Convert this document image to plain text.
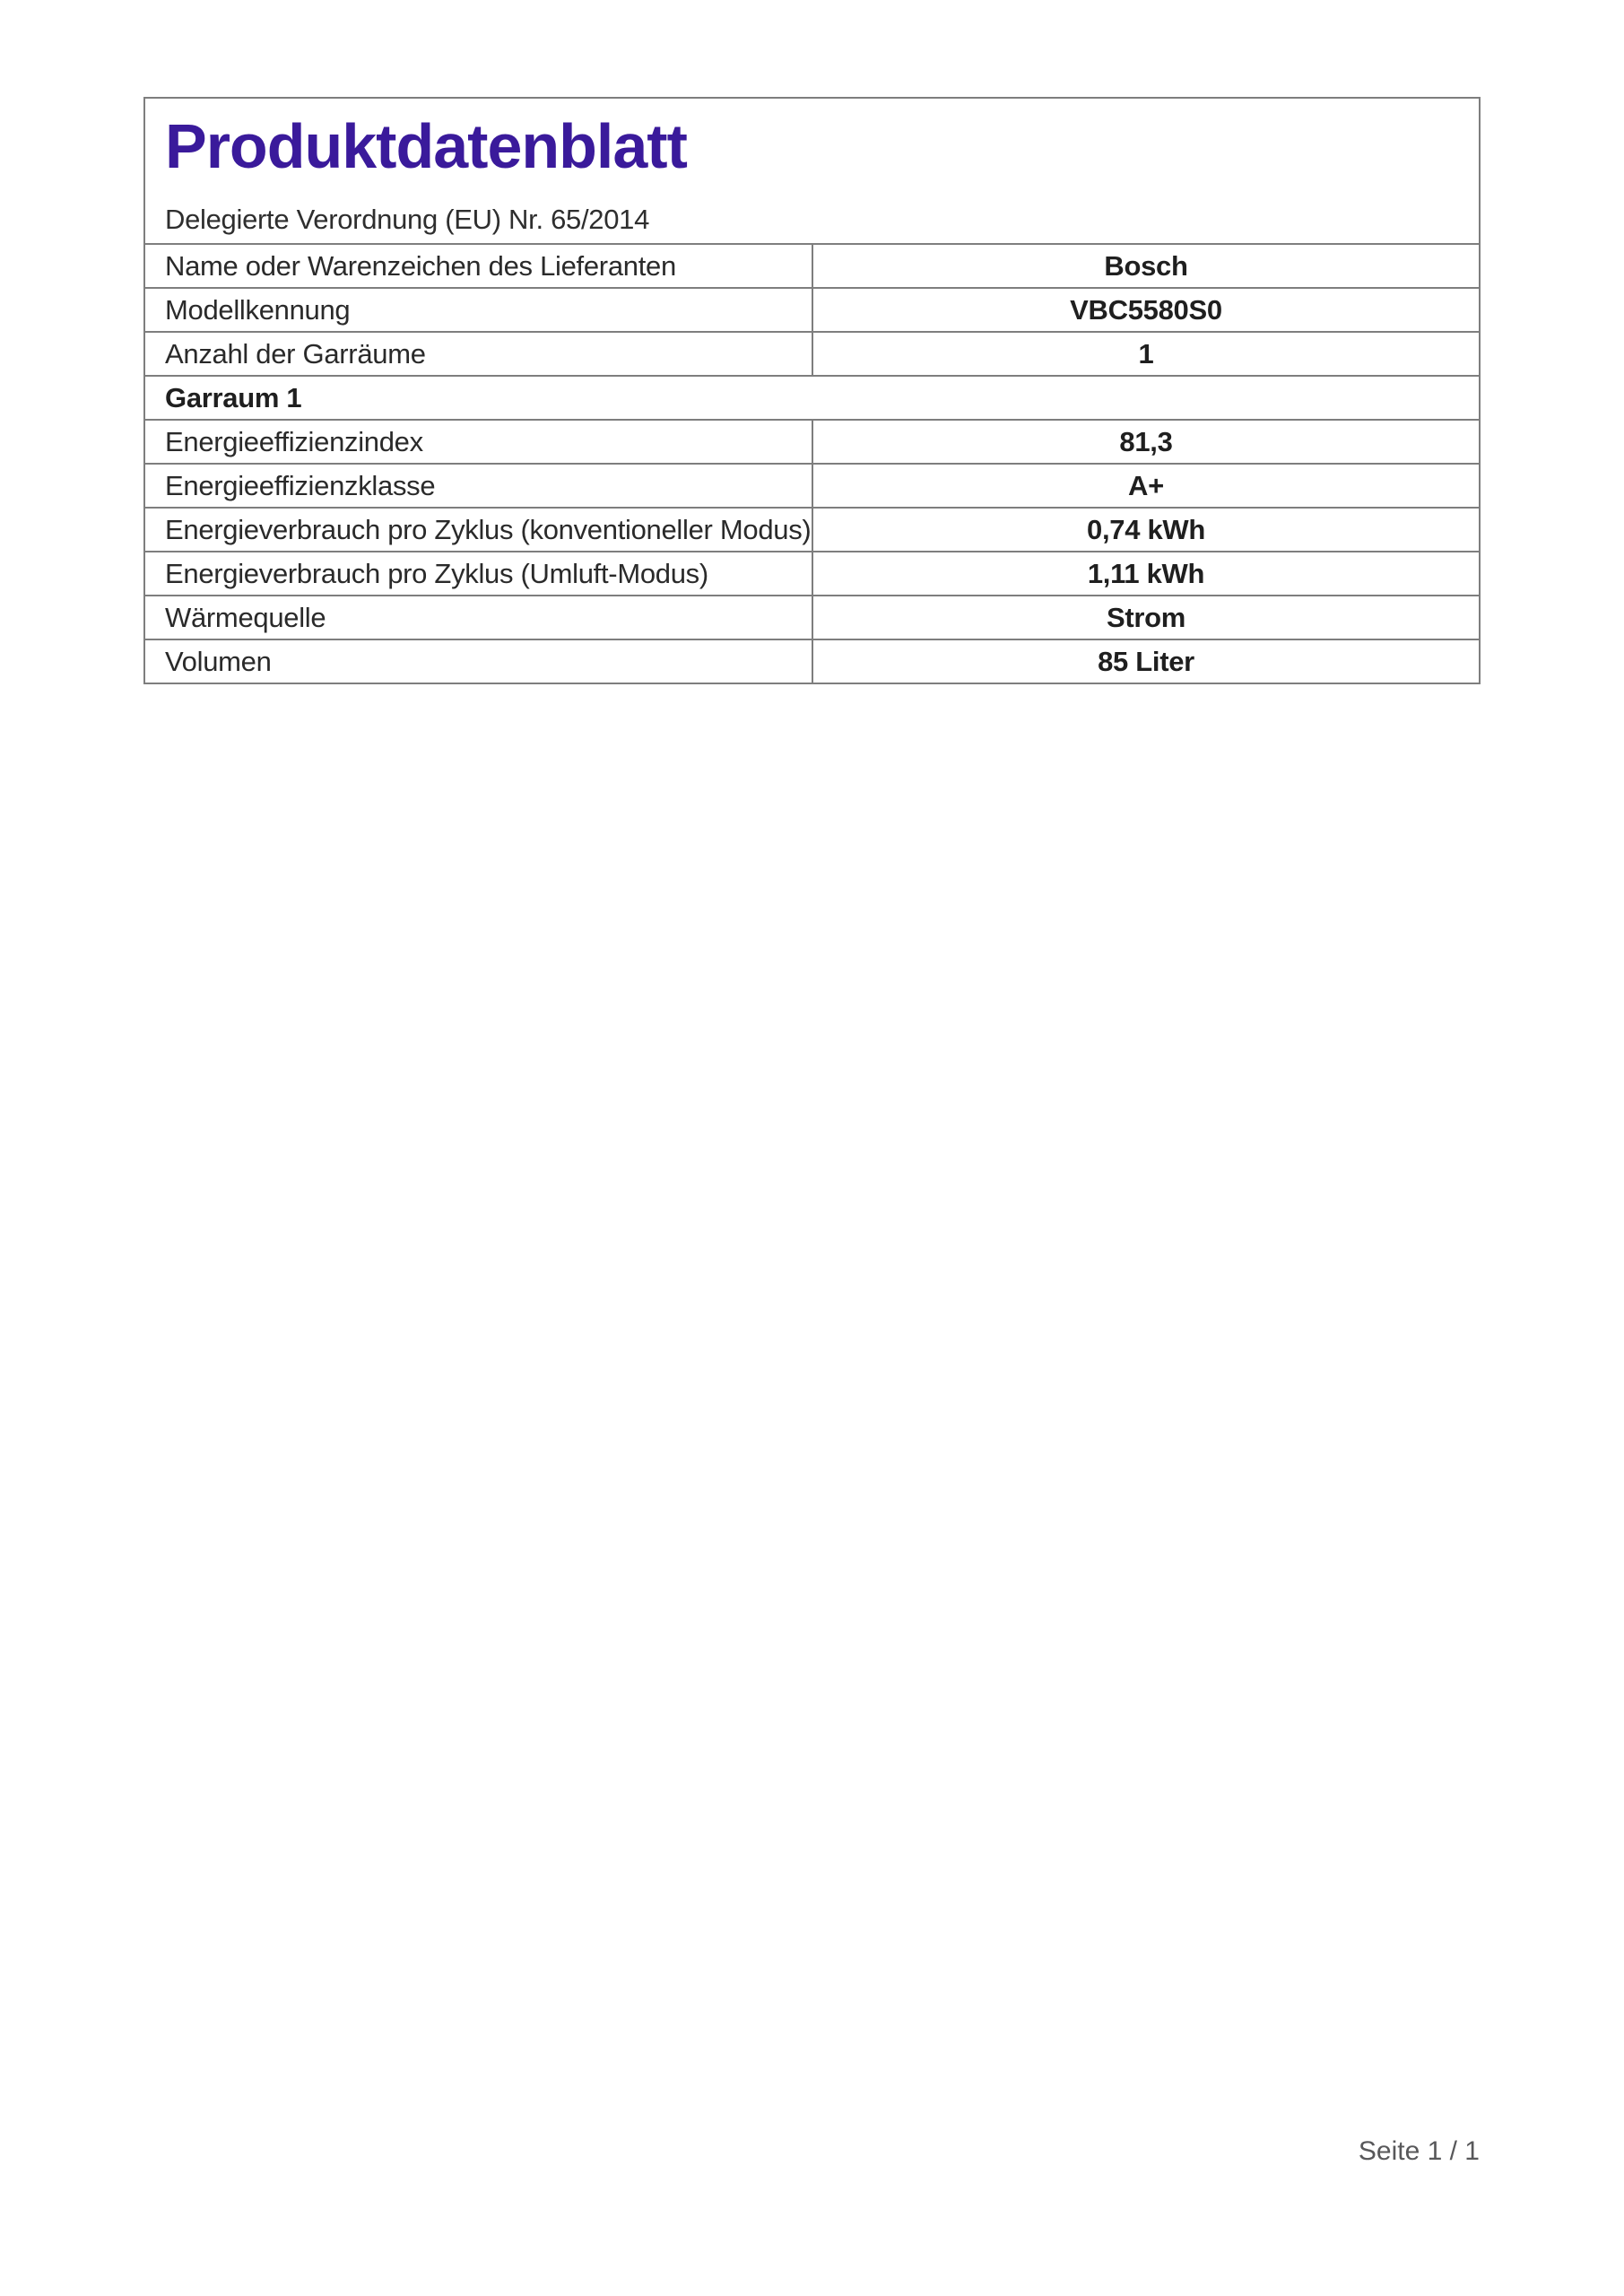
Produktdatenblatt

Delegierte Verordnung (EU) Nr. 65/2014

Name oder Warenzeichen des Lieferanten	Bosch
Modellkennung	VBC5580S0
Anzahl der Garräume	1
Garraum 1	
Energieeffizienzindex	81,3
Energieeffizienzklasse	A+
Energieverbrauch pro Zyklus (konventioneller Modus)	0,74 kWh
Energieverbrauch pro Zyklus (Umluft-Modus)	1,11 kWh
Wärmequelle	Strom
Volumen	85 Liter
Seite 1 / 1
